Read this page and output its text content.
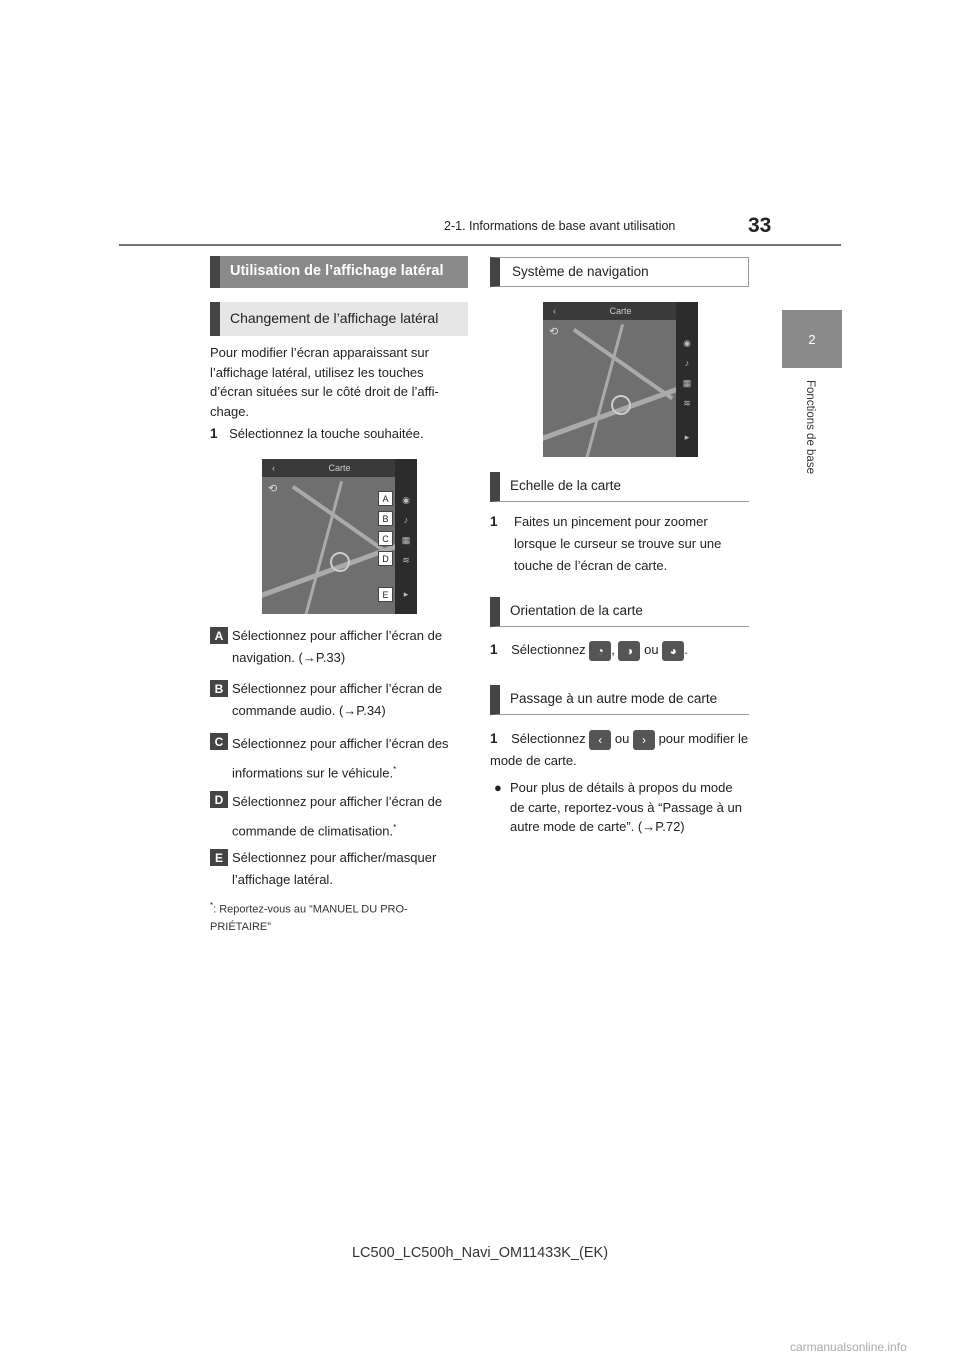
2-1. Informations de base avant utilisation	33
2
Fonctions de base
Utilisation de l’affichage latéral
Changement de l’affichage latéral
Pour modifier l’écran apparaissant sur l’affichage latéral, utilisez les touches d’écran situées sur le côté droit de l’affi-chage.
1 Sélectionnez la touche souhaitée.
‹	Carte
◉
♪
▦
≋
▸
⟲
A
B
C
D
E
A Sélectionnez pour afficher l’écran de navigation. (→P.33)
B Sélectionnez pour afficher l’écran de commande audio. (→P.34)
C Sélectionnez pour afficher l’écran des informations sur le véhicule.*
D Sélectionnez pour afficher l’écran de commande de climatisation.*
E Sélectionnez pour afficher/masquer l’affichage latéral.
*: Reportez-vous au “MANUEL DU PRO-PRIÉTAIRE”
Système de navigation
‹	Carte
◉
♪
▦
≋
▸
⟲
Echelle de la carte
1 Faites un pincement pour zoomer lorsque le curseur se trouve sur une touche de l’écran de carte.
Orientation de la carte
1 Sélectionnez ◔ , ◑ ou ◕ .
Passage à un autre mode de carte
1 Sélectionnez ‹ ou › pour modifier le mode de carte.
● Pour plus de détails à propos du mode de carte, reportez-vous à “Passage à un autre mode de carte”. (→P.72)
LC500_LC500h_Navi_OM11433K_(EK)
carmanualsonline.info
